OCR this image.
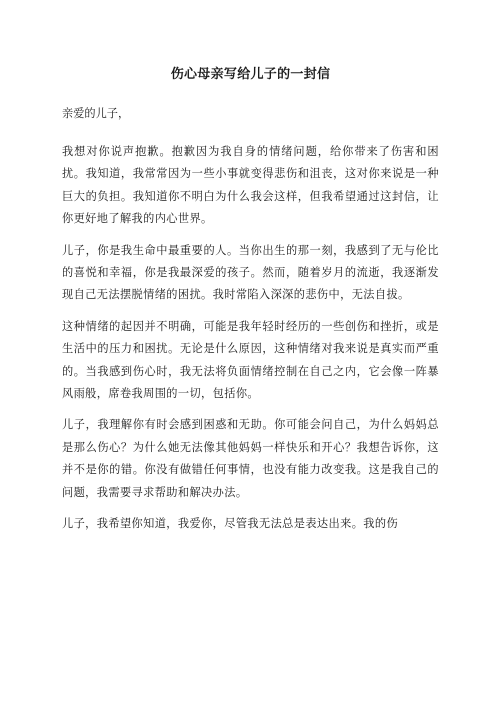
伤心母亲写给儿子的一封信
亲爱的儿子，

我想对你说声抱歉。抱歉因为我自身的情绪问题，给你带来了伤害和困扰。我知道，我常常因为一些小事就变得悲伤和沮丧，这对你来说是一种巨大的负担。我知道你不明白为什么我会这样，但我希望通过这封信，让你更好地了解我的内心世界。

儿子，你是我生命中最重要的人。当你出生的那一刻，我感到了无与伦比的喜悦和幸福，你是我最深爱的孩子。然而，随着岁月的流逝，我逐渐发现自己无法摆脱情绪的困扰。我时常陷入深深的悲伤中，无法自拔。

这种情绪的起因并不明确，可能是我年轻时经历的一些创伤和挫折，或是生活中的压力和困扰。无论是什么原因，这种情绪对我来说是真实而严重的。当我感到伤心时，我无法将负面情绪控制在自己之内，它会像一阵暴风雨般，席卷我周围的一切，包括你。

儿子，我理解你有时会感到困惑和无助。你可能会问自己，为什么妈妈总是那么伤心？为什么她无法像其他妈妈一样快乐和开心？我想告诉你，这并不是你的错。你没有做错任何事情，也没有能力改变我。这是我自己的问题，我需要寻求帮助和解决办法。

儿子，我希望你知道，我爱你，尽管我无法总是表达出来。我的伤
